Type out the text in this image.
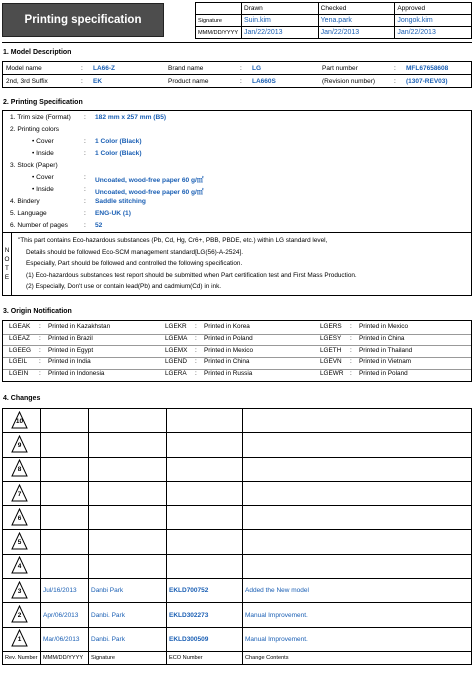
Printing specification
	Drawn	Checked	Approved
Signature	Suin.kim	Yena.park	Jongok.kim
MMM/DD/YYYY	Jan/22/2013	Jan/22/2013	Jan/22/2013
1. Model Description
Model name	:	LA66-Z	Brand name	:	LG	Part number	:	MFL67658608
2nd, 3rd Suffix	:	EK	Product name	:	LA660S	(Revision number)	:	(1307-REV03)
2. Printing Specification
1. Trim size (Format) : 182 mm x 257 mm (B5)
2. Printing colors
• Cover	: 1 Color (Black)
• Inside	: 1 Color (Black)
3. Stock (Paper)
• Cover	: Uncoated, wood-free paper 60 g/㎡
• Inside	: Uncoated, wood-free paper 60 g/㎡
4. Bindery	: Saddle stitching
5. Language	: ENG-UK (1)
6. Number of pages : 52
N
O
T
E
"This part contains Eco-hazardous substances (Pb, Cd, Hg, Cr6+, PBB, PBDE, etc.) within LG standard level,
Details should be followed Eco-SCM management standard[LG(56)-A-2524].
Especially, Part should be followed and controlled the following specification.
(1) Eco-hazardous substances test report should be submitted when Part certification test and First Mass Production.
(2) Especially, Don't use or contain lead(Pb) and cadmium(Cd) in ink.
3. Origin Notification
LGEAK : Printed in Kazakhstan	LGEKR : Printed in Korea	LGERS : Printed in Mexico
LGEAZ : Printed in Brazil	LGEMA : Printed in Poland	LGESY : Printed in China
LGEEG : Printed in Egypt	LGEMX : Printed in Mexico	LGETH : Printed in Thailand
LGEIL : Printed in India	LGEND : Printed in China	LGEVN : Printed in Vietnam
LGEIN : Printed in Indonesia	LGERA : Printed in Russia	LGEWR : Printed in Poland
4. Changes
10				

9				

8				

7				

6				

5				

4				

3	Jul/16/2013	Danbi Park	EKLD700752	Added the New model

2	Apr/06/2013	Danbi. Park	EKLD302273	Manual Improvement.

1	Mar/06/2013	Danbi. Park	EKLD300509	Manual Improvement.
Rev. Number	MMM/DD/YYYY	Signature	ECO Number	Change Contents
